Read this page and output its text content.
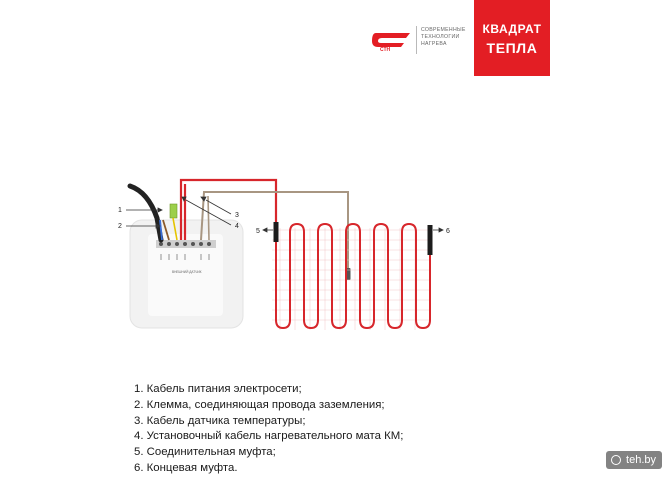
СТН
СОВРЕМЕННЫЕ
ТЕХНОЛОГИИ
НАГРЕВА
КВАДРАТ
ТЕПЛА
ВНЕШНИЙ ДАТЧИК
1
2
3
4
5	6
1. Кабель питания электросети;
2. Клемма, соединяющая провода заземления;
3. Кабель датчика температуры;
4. Установочный кабель нагревательного мата КМ;
5. Соединительная муфта;
6. Концевая муфта.
teh.by
